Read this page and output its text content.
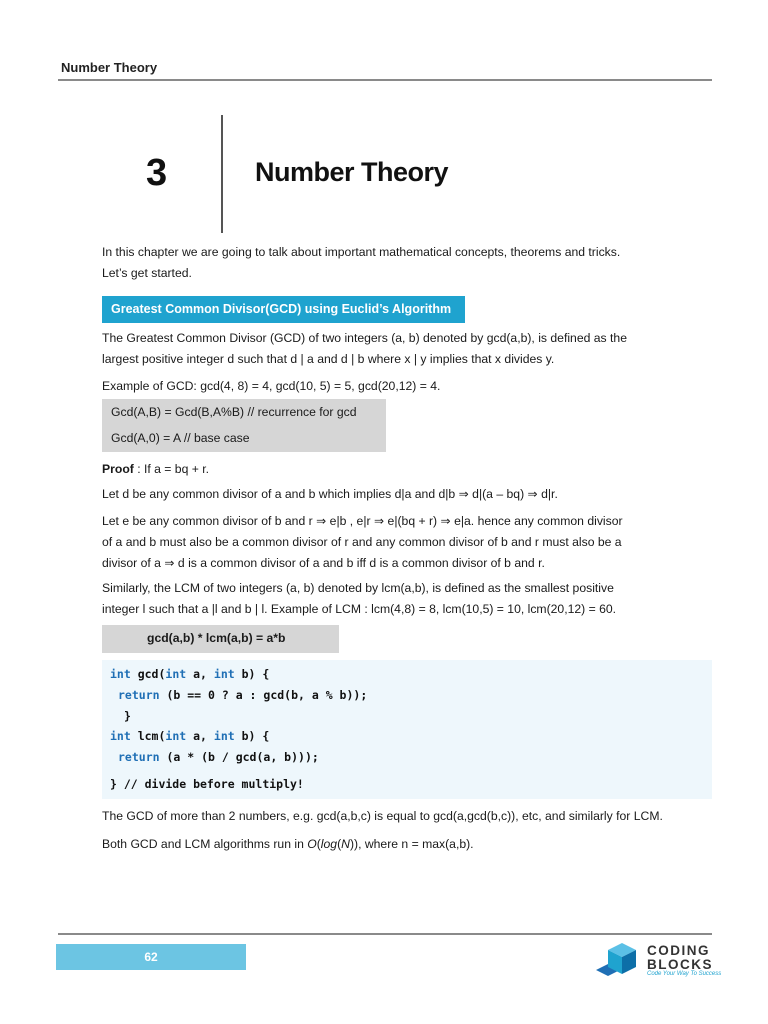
Number Theory
3	Number Theory
In this chapter we are going to talk about important mathematical concepts, theorems and tricks.
Let’s get started.
Greatest Common Divisor(GCD) using Euclid’s Algorithm
The Greatest Common Divisor (GCD) of two integers (a, b) denoted by gcd(a,b), is defined as the
largest positive integer d such that d | a and d | b where x | y implies that x divides y.
Example of GCD: gcd(4, 8) = 4, gcd(10, 5) = 5, gcd(20,12) = 4.
Gcd(A,B) = Gcd(B,A%B) // recurrence for gcd
Gcd(A,0) = A // base case
Proof : If a = bq + r.
Let d be any common divisor of a and b which implies d|a and d|b ⇒ d|(a – bq) ⇒ d|r.
Let e be any common divisor of b and r ⇒ e|b , e|r ⇒ e|(bq + r) ⇒ e|a. hence any common divisor
of a and b must also be a common divisor of r and any common divisor of b and r must also be a
divisor of a ⇒ d is a common divisor of a and b iff d is a common divisor of b and r.
Similarly, the LCM of two integers (a, b) denoted by lcm(a,b), is defined as the smallest positive
integer l such that a |l and b | l. Example of LCM : lcm(4,8) = 8, lcm(10,5) = 10, lcm(20,12) = 60.
gcd(a,b) * lcm(a,b) = a*b
int gcd(int a, int b) {
return (b == 0 ? a : gcd(b, a % b));
}
int lcm(int a, int b) {
return (a * (b / gcd(a, b)));
} // divide before multiply!
The GCD of more than 2 numbers, e.g. gcd(a,b,c) is equal to gcd(a,gcd(b,c)), etc, and similarly for LCM.
Both GCD and LCM algorithms run in O(log(N)), where n = max(a,b).
62	CODING
BLOCKS
Code Your Way To Success
